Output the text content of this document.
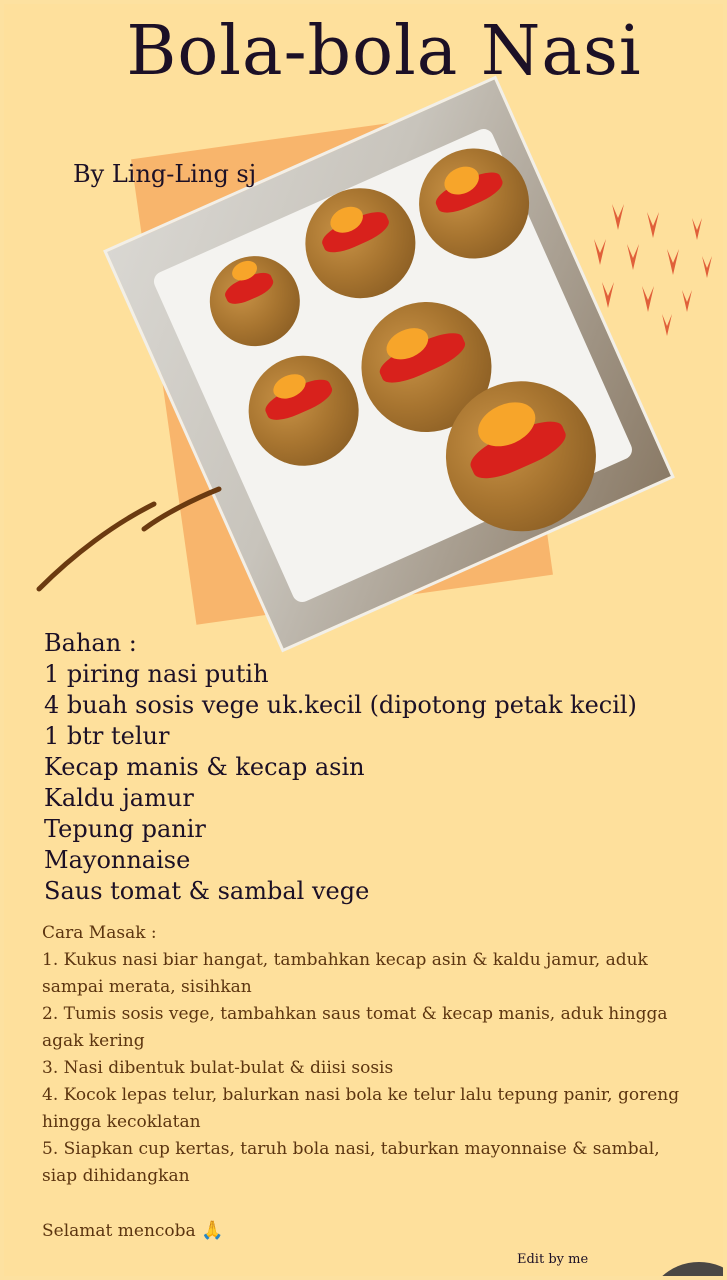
Bola-bola Nasi
By Ling-Ling sj
Bahan :
1 piring nasi putih
4 buah sosis vege uk.kecil (dipotong petak kecil)
1 btr telur
Kecap manis & kecap asin
Kaldu jamur
Tepung panir
Mayonnaise
Saus tomat & sambal vege
Cara Masak :
1. Kukus nasi biar hangat, tambahkan kecap asin & kaldu jamur, aduk sampai merata, sisihkan
2. Tumis sosis vege, tambahkan saus tomat & kecap manis, aduk hingga agak kering
3. Nasi dibentuk bulat-bulat & diisi sosis
4. Kocok lepas telur, balurkan nasi bola ke telur lalu tepung panir, goreng hingga kecoklatan
5. Siapkan cup kertas, taruh bola nasi, taburkan mayonnaise & sambal, siap dihidangkan
Selamat mencoba 🙏
Edit by me
